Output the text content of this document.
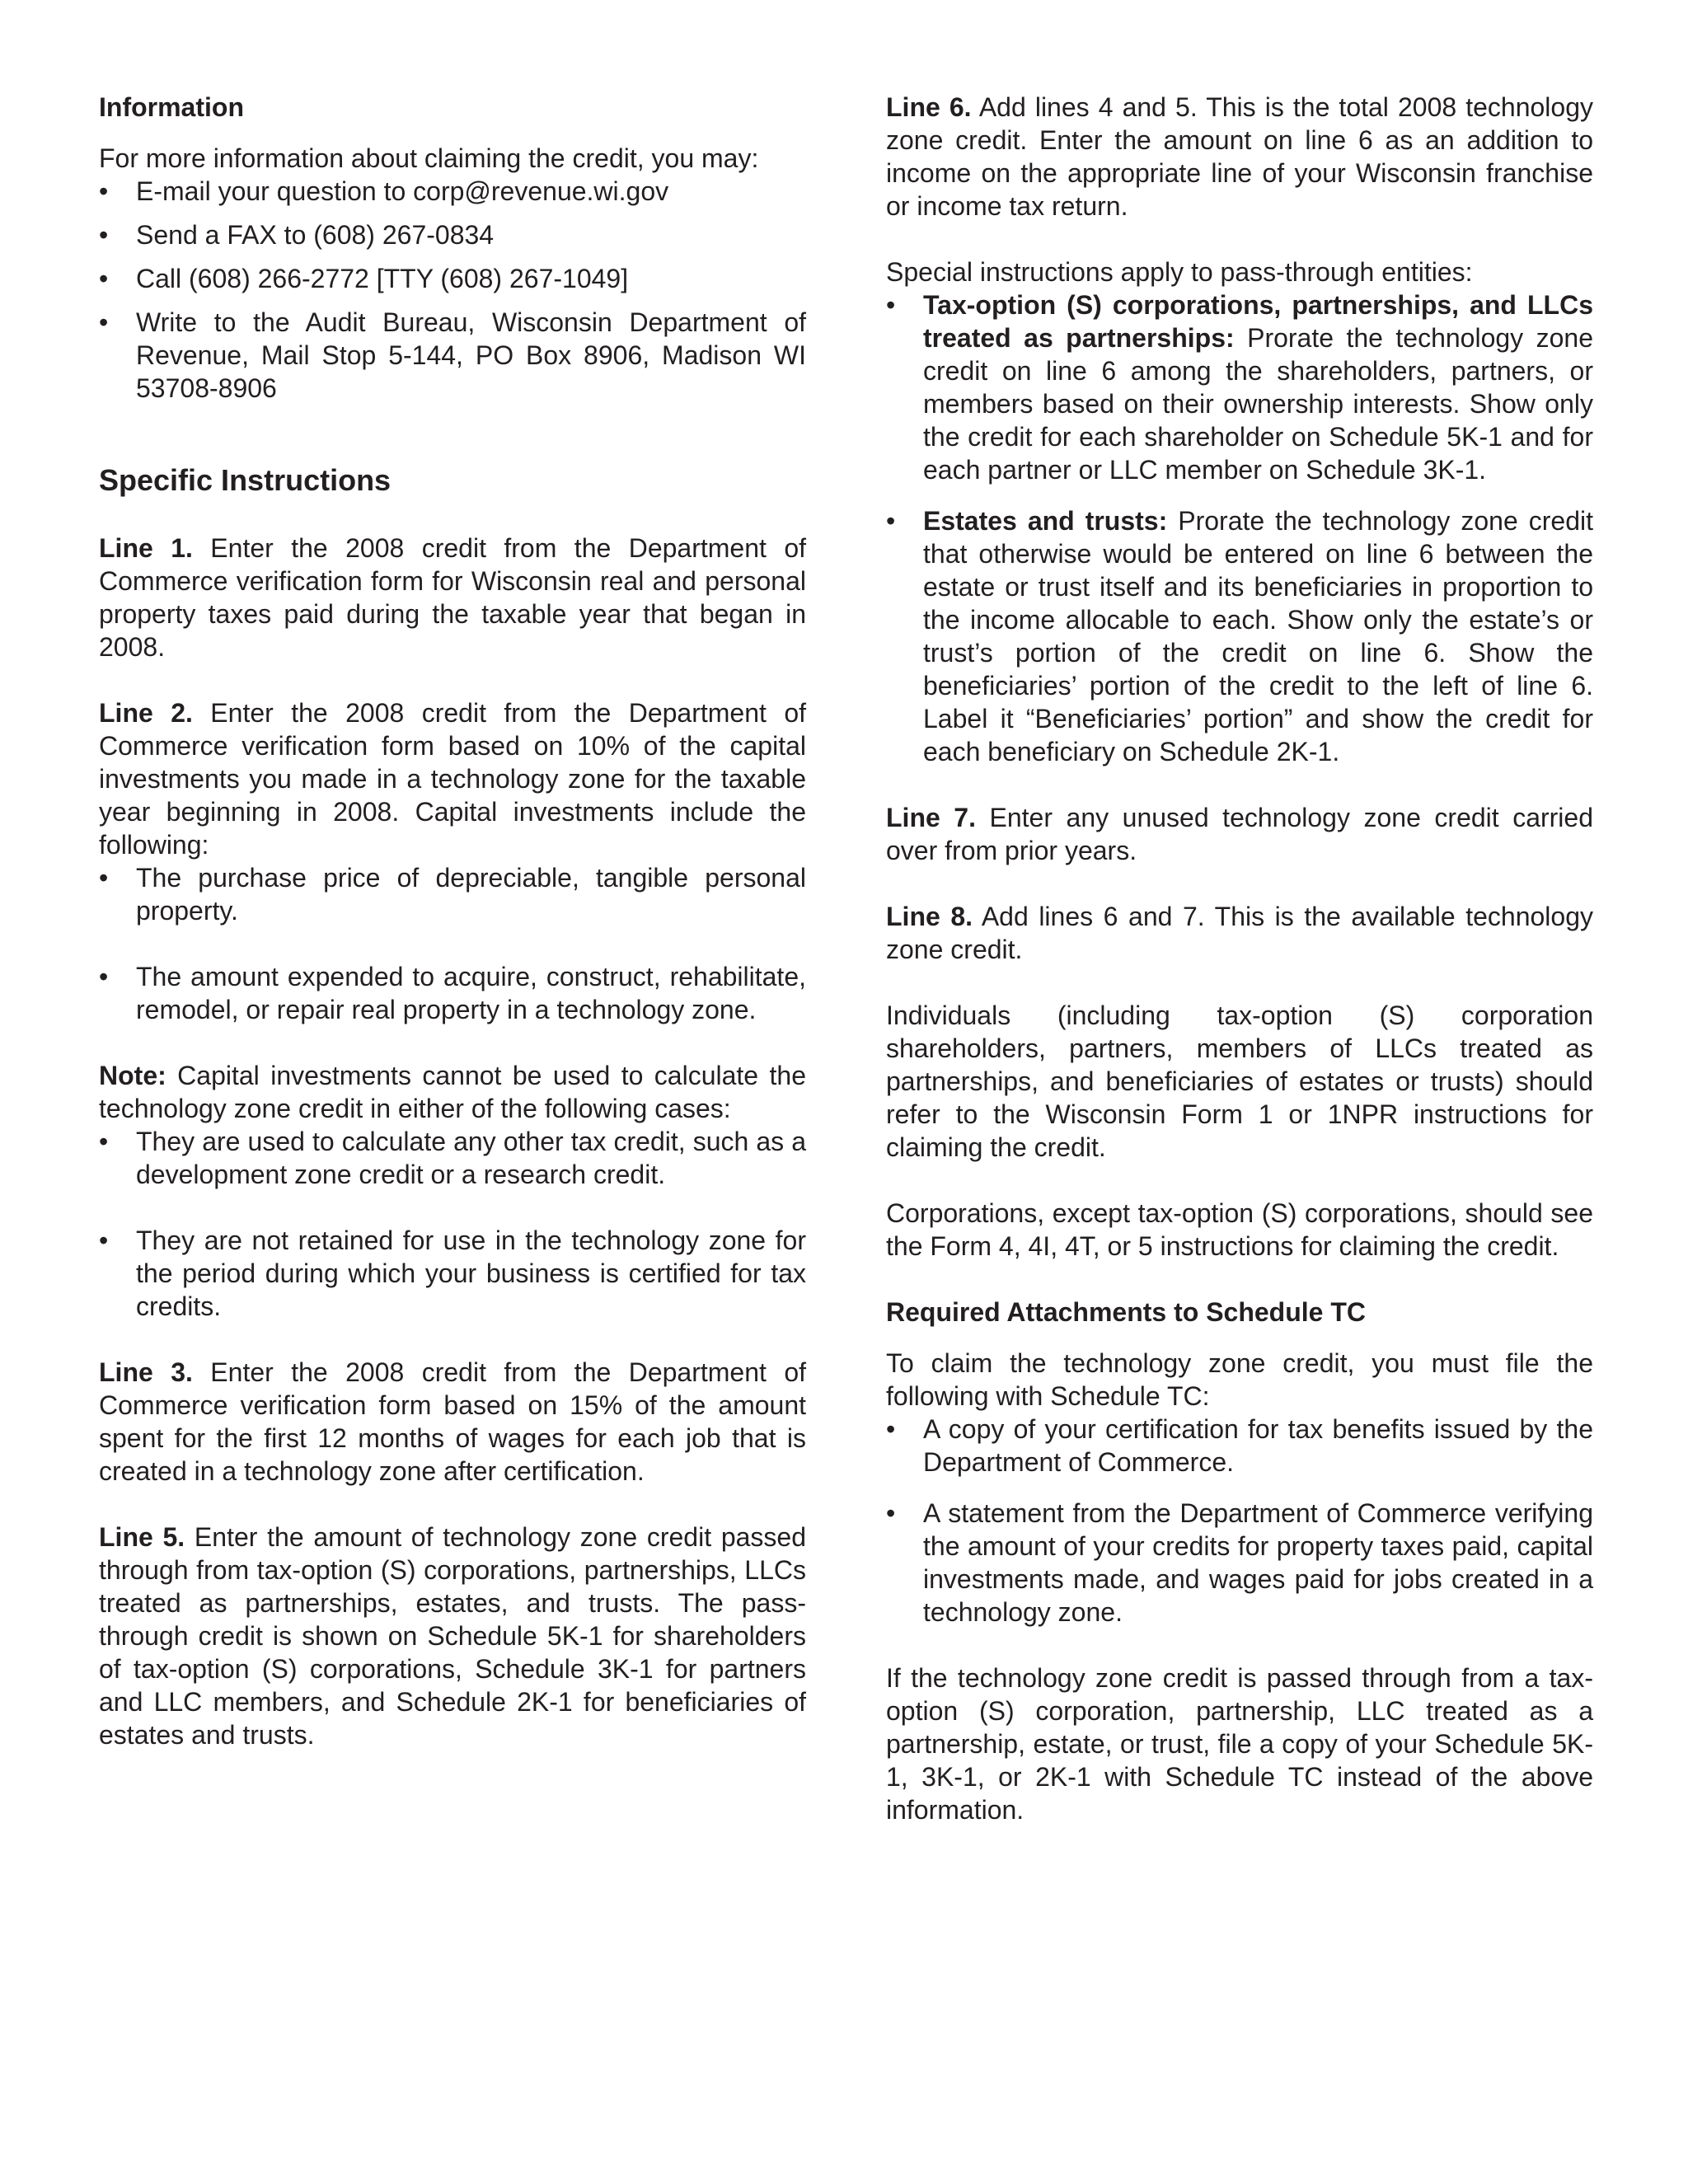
Information

For more information about claiming the credit, you may:

•	E-mail your question to corp@revenue.wi.gov
•	Send a FAX to (608) 267-0834
•	Call (608) 266-2772 [TTY (608) 267-1049]
•	Write to the Audit Bureau, Wisconsin Department of Revenue, Mail Stop 5-144, PO Box 8906, Madison WI 53708-8906
Specific Instructions

Line 1. Enter the 2008 credit from the Department of Commerce verification form for Wisconsin real and personal property taxes paid during the taxable year that began in 2008.

Line 2. Enter the 2008 credit from the Department of Commerce verification form based on 10% of the capital investments you made in a technology zone for the taxable year beginning in 2008. Capital investments include the following:

•	The purchase price of depreciable, tangible personal property.
•	The amount expended to acquire, construct, rehabilitate, remodel, or repair real property in a technology zone.

Note: Capital investments cannot be used to calculate the technology zone credit in either of the following cases:

•	They are used to calculate any other tax credit, such as a development zone credit or a research credit.
•	They are not retained for use in the technology zone for the period during which your business is certified for tax credits.

Line 3. Enter the 2008 credit from the Department of Commerce verification form based on 15% of the amount spent for the first 12 months of wages for each job that is created in a technology zone after certification.

Line 5. Enter the amount of technology zone credit passed through from tax-option (S) corporations, partnerships, LLCs treated as partnerships, estates, and trusts. The pass-through credit is shown on Schedule 5K-1 for shareholders of tax-option (S) corporations, Schedule 3K-1 for partners and LLC members, and Schedule 2K-1 for beneficiaries of estates and trusts.

Line 6. Add lines 4 and 5. This is the total 2008 technology zone credit. Enter the amount on line 6 as an addition to income on the appropriate line of your Wisconsin franchise or income tax return.

Special instructions apply to pass-through entities:

•	Tax-option (S) corporations, partnerships, and LLCs treated as partnerships: Prorate the technology zone credit on line 6 among the shareholders, partners, or members based on their ownership interests. Show only the credit for each shareholder on Schedule 5K-1 and for each partner or LLC member on Schedule 3K-1.
•	Estates and trusts: Prorate the technology zone credit that otherwise would be entered on line 6 between the estate or trust itself and its beneficiaries in proportion to the income allocable to each. Show only the estate’s or trust’s portion of the credit on line 6. Show the beneficiaries’ portion of the credit to the left of line 6. Label it “Beneficiaries’ portion” and show the credit for each beneficiary on Schedule 2K-1.

Line 7. Enter any unused technology zone credit carried over from prior years.

Line 8. Add lines 6 and 7. This is the available technology zone credit.

Individuals (including tax-option (S) corporation shareholders, partners, members of LLCs treated as partnerships, and beneficiaries of estates or trusts) should refer to the Wisconsin Form 1 or 1NPR instructions for claiming the credit.

Corporations, except tax-option (S) corporations, should see the Form 4, 4I, 4T, or 5 instructions for claiming the credit.

Required Attachments to Schedule TC

To claim the technology zone credit, you must file the following with Schedule TC:

•	A copy of your certification for tax benefits issued by the Department of Commerce.
•	A statement from the Department of Commerce verifying the amount of your credits for property taxes paid, capital investments made, and wages paid for jobs created in a technology zone.

If the technology zone credit is passed through from a tax-option (S) corporation, partnership, LLC treated as a partnership, estate, or trust, file a copy of your Schedule 5K-1, 3K-1, or 2K-1 with Schedule TC instead of the above information.
